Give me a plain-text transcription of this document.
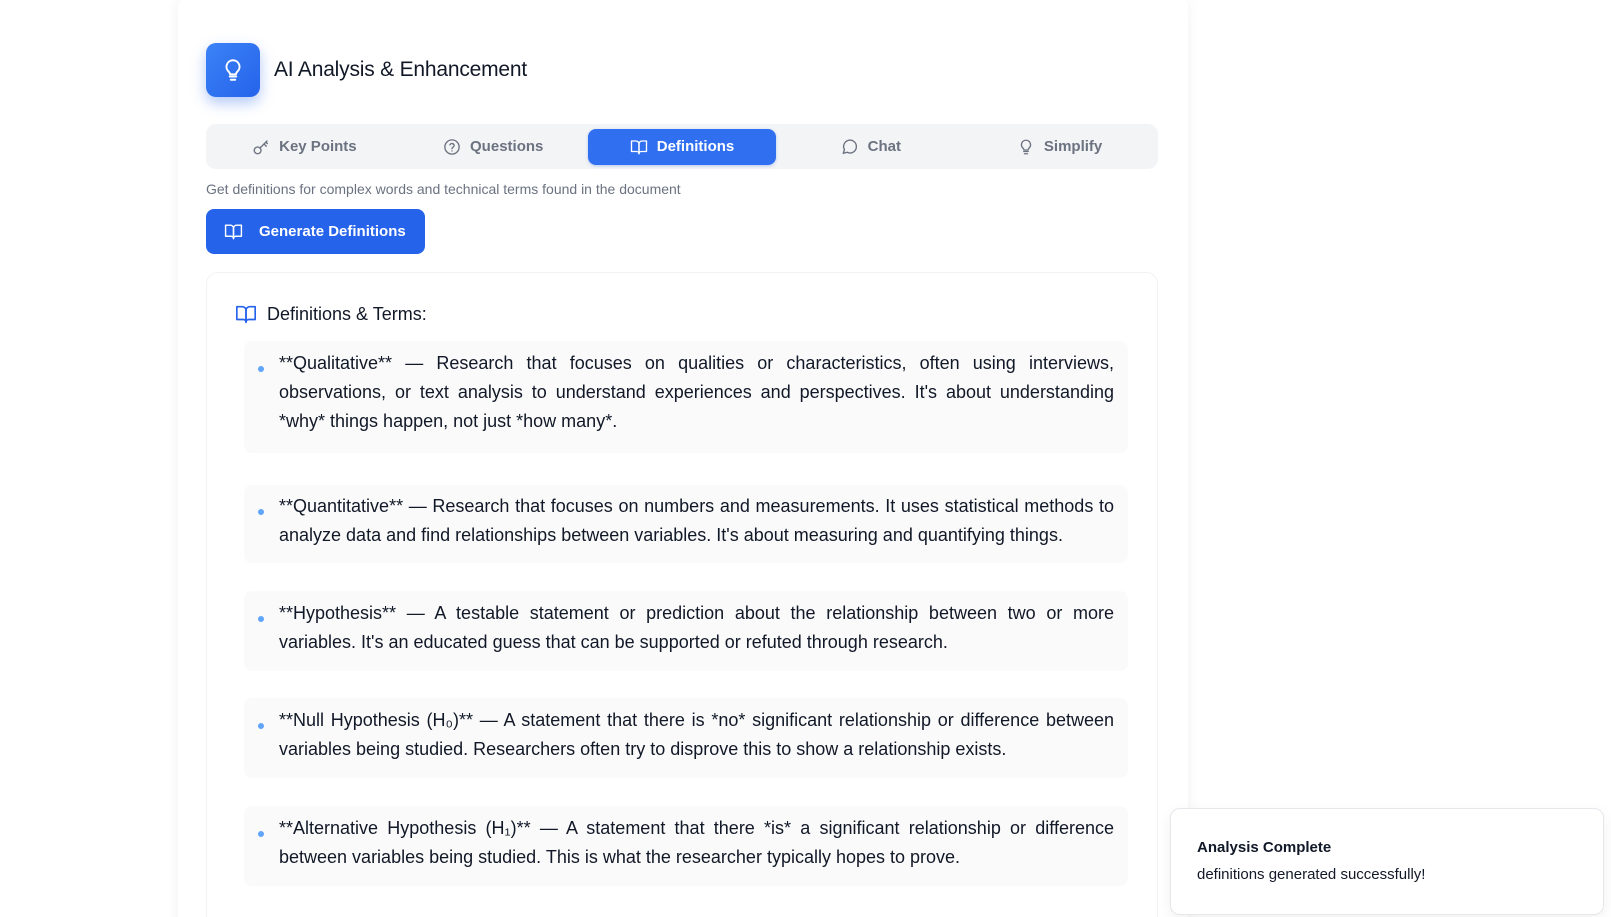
AI Analysis & Enhancement
Key Points	Questions	Definitions	Chat	Simplify
Get definitions for complex words and technical terms found in the document
Generate Definitions
Definitions & Terms:
**Qualitative** — Research that focuses on qualities or characteristics, often using interviews, observations, or text analysis to understand experiences and perspectives. It's about understanding *why* things happen, not just *how many*.
**Quantitative** — Research that focuses on numbers and measurements. It uses statistical methods to analyze data and find relationships between variables. It's about measuring and quantifying things.
**Hypothesis** — A testable statement or prediction about the relationship between two or more variables. It's an educated guess that can be supported or refuted through research.
**Null Hypothesis (H₀)** — A statement that there is *no* significant relationship or difference between variables being studied. Researchers often try to disprove this to show a relationship exists.
**Alternative Hypothesis (H₁)** — A statement that there *is* a significant relationship or difference between variables being studied. This is what the researcher typically hopes to prove.	Analysis Complete
definitions generated successfully!
